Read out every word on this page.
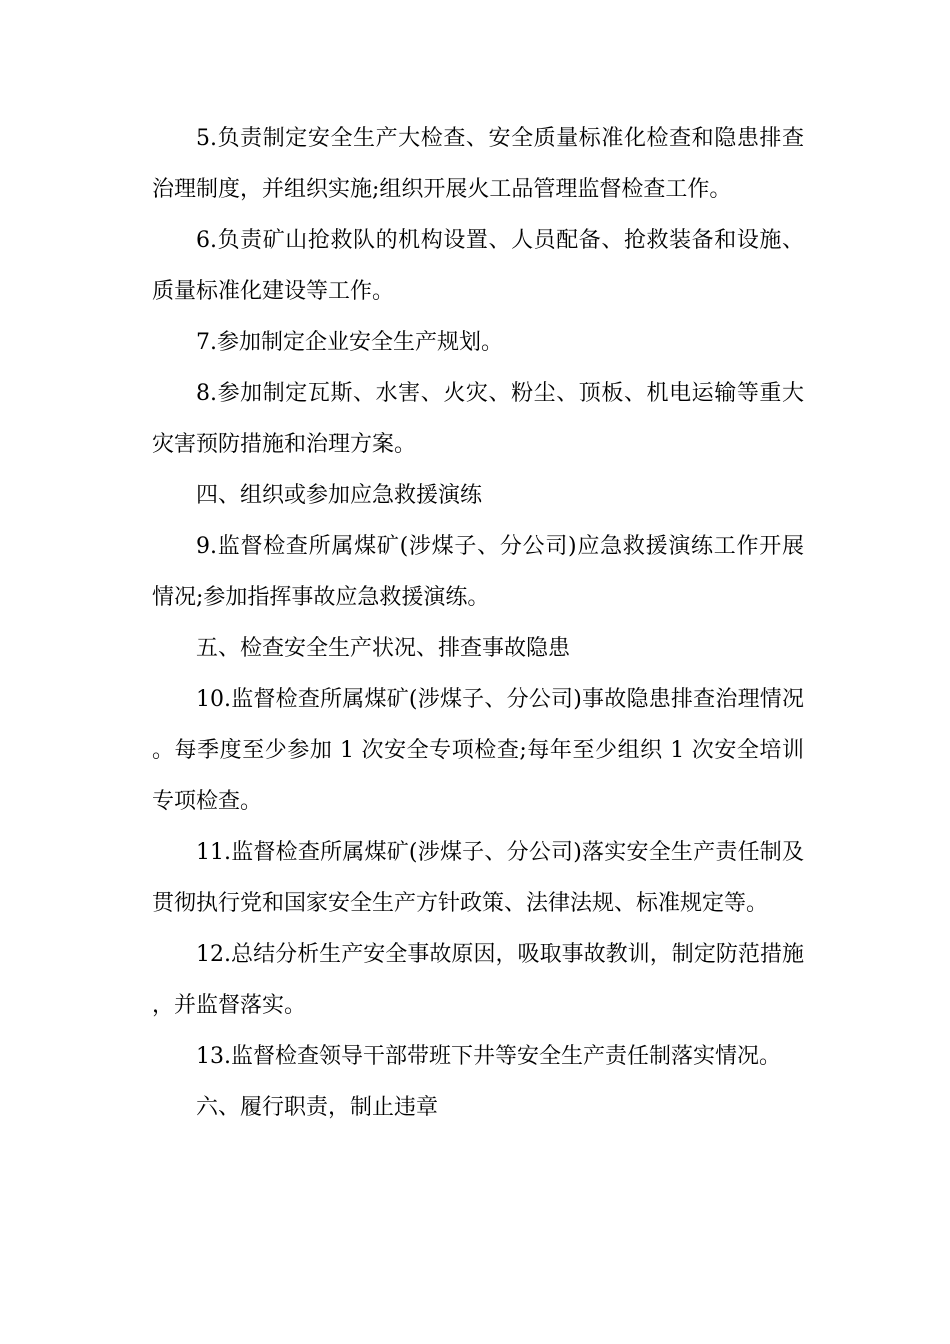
5.负责制定安全生产大检查、安全质量标准化检查和隐患排查治理制度，并组织实施;组织开展火工品管理监督检查工作。

6.负责矿山抢救队的机构设置、人员配备、抢救装备和设施、质量标准化建设等工作。

7.参加制定企业安全生产规划。

8.参加制定瓦斯、水害、火灾、粉尘、顶板、机电运输等重大灾害预防措施和治理方案。

四、组织或参加应急救援演练

9.监督检查所属煤矿(涉煤子、分公司)应急救援演练工作开展情况;参加指挥事故应急救援演练。

五、检查安全生产状况、排查事故隐患

10.监督检查所属煤矿(涉煤子、分公司)事故隐患排查治理情况。每季度至少参加 1 次安全专项检查;每年至少组织 1 次安全培训专项检查。

11.监督检查所属煤矿(涉煤子、分公司)落实安全生产责任制及贯彻执行党和国家安全生产方针政策、法律法规、标准规定等。

12.总结分析生产安全事故原因，吸取事故教训，制定防范措施，并监督落实。

13.监督检查领导干部带班下井等安全生产责任制落实情况。

六、履行职责，制止违章
